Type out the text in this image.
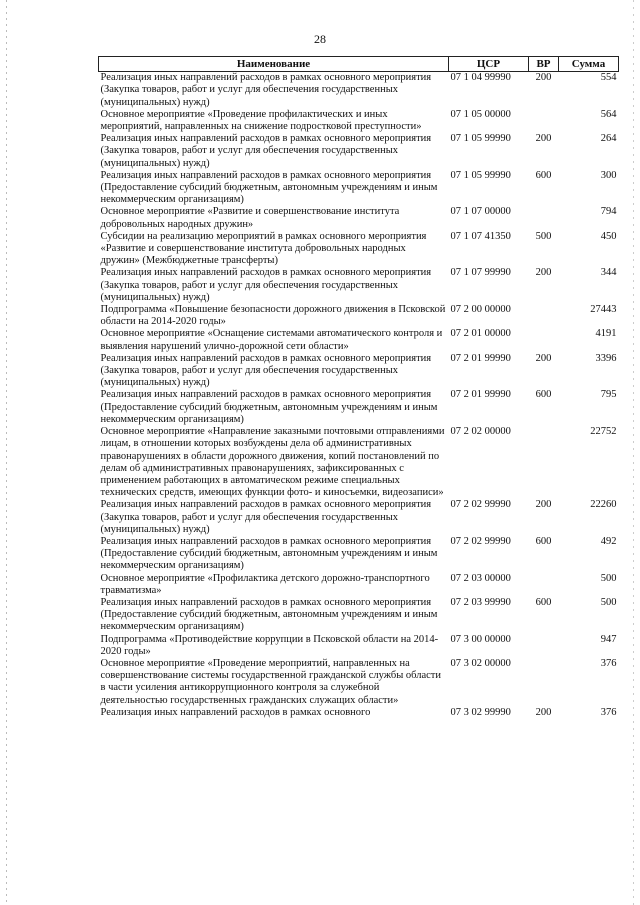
28
Наименование	ЦСР	ВР	Сумма
Реализация иных направлений расходов в рамках основного мероприятия (Закупка товаров, работ и услуг для обеспечения государственных (муниципальных) нужд)	07 1 04 99990	200	554
Основное мероприятие «Проведение профилактических и иных мероприятий, направленных на снижение подростковой преступности»	07 1 05 00000		564
Реализация иных направлений расходов в рамках основного мероприятия (Закупка товаров, работ и услуг для обеспечения государственных (муниципальных) нужд)	07 1 05 99990	200	264
Реализация иных направлений расходов в рамках основного мероприятия (Предоставление субсидий бюджетным, автономным учреждениям и иным некоммерческим организациям)	07 1 05 99990	600	300
Основное мероприятие «Развитие и совершенствование института добровольных народных дружин»	07 1 07 00000		794
Субсидии на реализацию мероприятий в рамках основного мероприятия «Развитие и совершенствование института добровольных народных дружин» (Межбюджетные трансферты)	07 1 07 41350	500	450
Реализация иных направлений расходов в рамках основного мероприятия (Закупка товаров, работ и услуг для обеспечения государственных (муниципальных) нужд)	07 1 07 99990	200	344
Подпрограмма «Повышение безопасности дорожного движения в Псковской области на 2014-2020 годы»	07 2 00 00000		27443
Основное мероприятие «Оснащение системами автоматического контроля и выявления нарушений улично-дорожной сети области»	07 2 01 00000		4191
Реализация иных направлений расходов в рамках основного мероприятия (Закупка товаров, работ и услуг для обеспечения государственных (муниципальных) нужд)	07 2 01 99990	200	3396
Реализация иных направлений расходов в рамках основного мероприятия (Предоставление субсидий бюджетным, автономным учреждениям и иным некоммерческим организациям)	07 2 01 99990	600	795
Основное мероприятие «Направление заказными почтовыми отправлениями лицам, в отношении которых возбуждены дела об административных правонарушениях в области дорожного движения, копий постановлений по делам об административных правонарушениях, зафиксированных с применением работающих в автоматическом режиме специальных технических средств, имеющих функции фото- и киносъемки, видеозаписи»	07 2 02 00000		22752
Реализация иных направлений расходов в рамках основного мероприятия (Закупка товаров, работ и услуг для обеспечения государственных (муниципальных) нужд)	07 2 02 99990	200	22260
Реализация иных направлений расходов в рамках основного мероприятия (Предоставление субсидий бюджетным, автономным учреждениям и иным некоммерческим организациям)	07 2 02 99990	600	492
Основное мероприятие «Профилактика детского дорожно-транспортного травматизма»	07 2 03 00000		500
Реализация иных направлений расходов в рамках основного мероприятия (Предоставление субсидий бюджетным, автономным учреждениям и иным некоммерческим организациям)	07 2 03 99990	600	500
Подпрограмма «Противодействие коррупции в Псковской области на 2014-2020 годы»	07 3 00 00000		947
Основное мероприятие «Проведение мероприятий, направленных на совершенствование системы государственной гражданской службы области в части усиления антикоррупционного контроля за служебной деятельностью государственных гражданских служащих области»	07 3 02 00000		376
Реализация иных направлений расходов в рамках основного	07 3 02 99990	200	376
